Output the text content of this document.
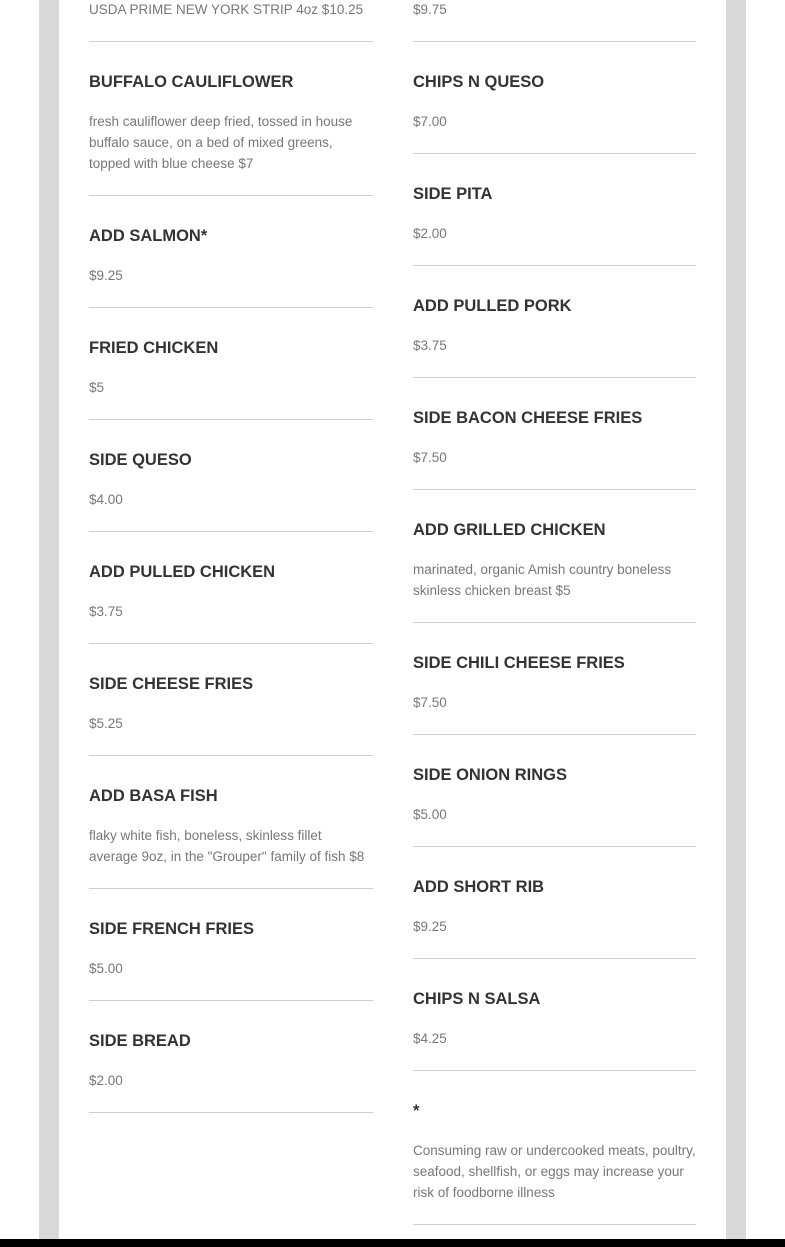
USDA PRIME NEW YORK STRIP 4oz $10.25

BUFFALO CAULIFLOWER

fresh cauliflower deep fried, tossed in house buffalo sauce, on a bed of mixed greens, topped with blue cheese $7

ADD SALMON*

$9.25

FRIED CHICKEN

$5

SIDE QUESO

$4.00

ADD PULLED CHICKEN

$3.75

SIDE CHEESE FRIES

$5.25

ADD BASA FISH

flaky white fish, boneless, skinless fillet average 9oz, in the "Grouper" family of fish $8

SIDE FRENCH FRIES

$5.00

SIDE BREAD

$2.00

$9.75

CHIPS N QUESO

$7.00

SIDE PITA

$2.00

ADD PULLED PORK

$3.75

SIDE BACON CHEESE FRIES

$7.50

ADD GRILLED CHICKEN

marinated, organic Amish country boneless skinless chicken breast $5

SIDE CHILI CHEESE FRIES

$7.50

SIDE ONION RINGS

$5.00

ADD SHORT RIB

$9.25

CHIPS N SALSA

$4.25

*

Consuming raw or undercooked meats, poultry, seafood, shellfish, or eggs may increase your risk of foodborne illness
